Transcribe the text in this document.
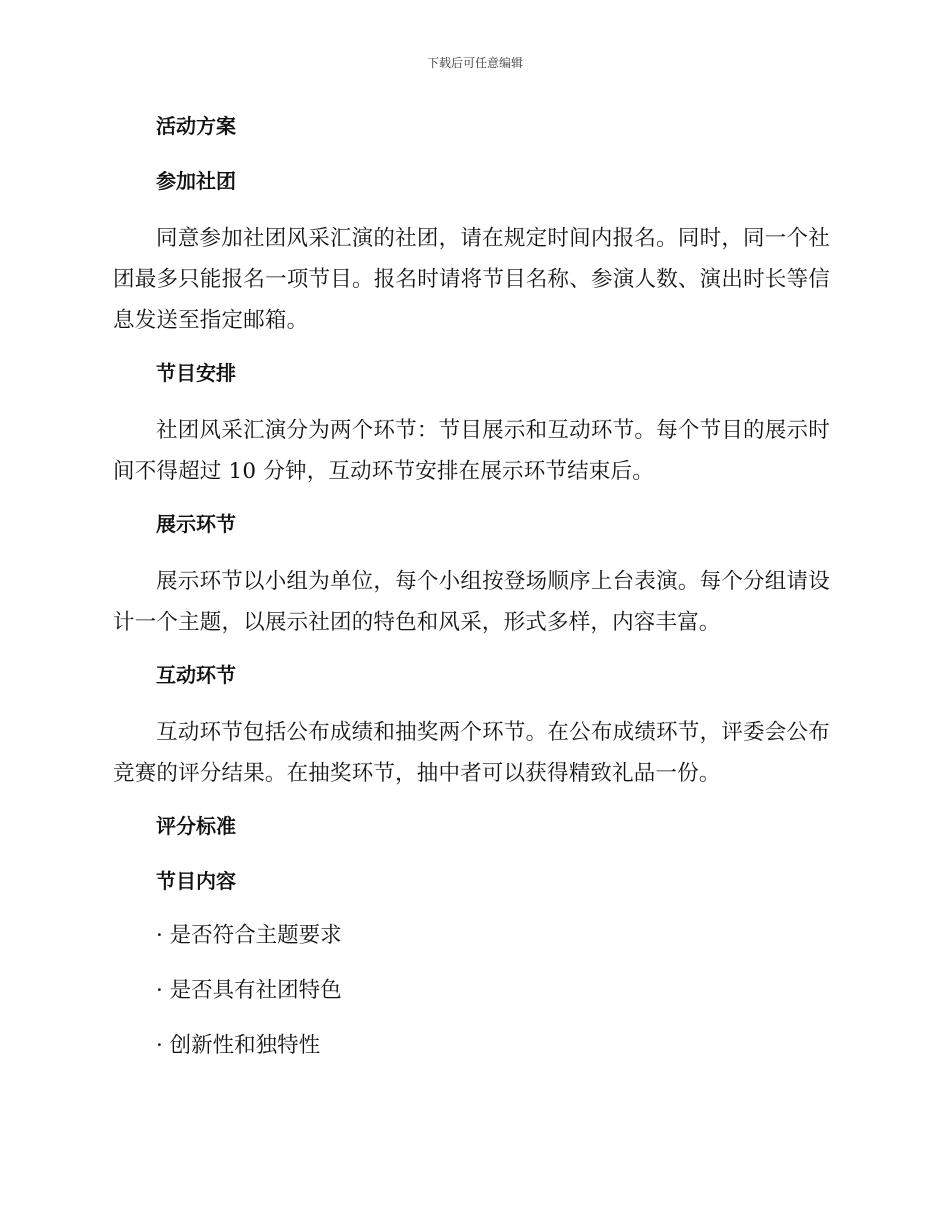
下载后可任意编辑
活动方案
参加社团

同意参加社团风采汇演的社团，请在规定时间内报名。同时，同一个社团最多只能报名一项节目。报名时请将节目名称、参演人数、演出时长等信息发送至指定邮箱。

节目安排

社团风采汇演分为两个环节：节目展示和互动环节。每个节目的展示时间不得超过 10 分钟，互动环节安排在展示环节结束后。

展示环节

展示环节以小组为单位，每个小组按登场顺序上台表演。每个分组请设计一个主题，以展示社团的特色和风采，形式多样，内容丰富。

互动环节

互动环节包括公布成绩和抽奖两个环节。在公布成绩环节，评委会公布竞赛的评分结果。在抽奖环节，抽中者可以获得精致礼品一份。

评分标准
节目内容
· 是否符合主题要求
· 是否具有社团特色
· 创新性和独特性
